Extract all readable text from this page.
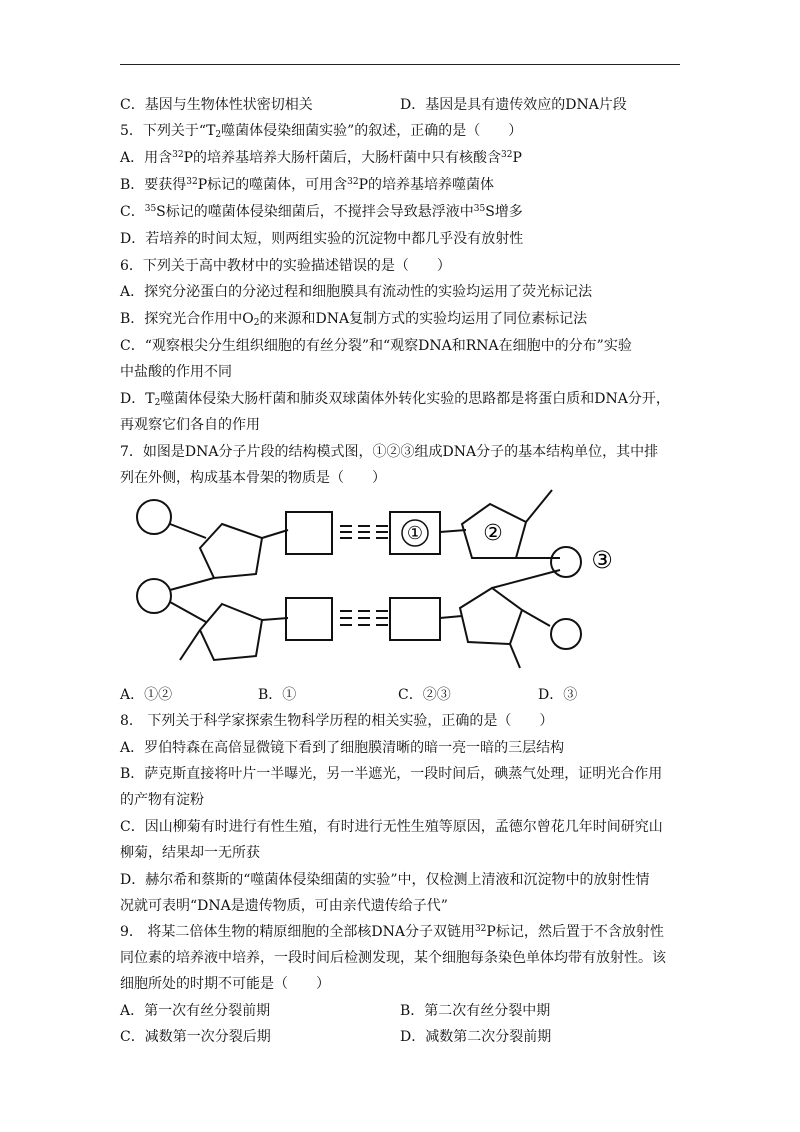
C．基因与生物体性状密切相关	D．基因是具有遗传效应的DNA片段
5．下列关于“$T_2$噬菌体侵染细菌实验”的叙述，正确的是（　　）
A．用含$^{32}$P的培养基培养大肠杆菌后，大肠杆菌中只有核酸含$^{32}$P
B．要获得$^{32}$P标记的噬菌体，可用含$^{32}$P的培养基培养噬菌体
C．$^{35}$S标记的噬菌体侵染细菌后，不搅拌会导致悬浮液中$^{35}$S增多
D．若培养的时间太短，则两组实验的沉淀物中都几乎没有放射性
6．下列关于高中教材中的实验描述错误的是（　　）
A．探究分泌蛋白的分泌过程和细胞膜具有流动性的实验均运用了荧光标记法
B．探究光合作用中$O_2$的来源和DNA复制方式的实验均运用了同位素标记法
C．“观察根尖分生组织细胞的有丝分裂”和“观察DNA和RNA在细胞中的分布”实验
中盐酸的作用不同
D．$T_2$噬菌体侵染大肠杆菌和肺炎双球菌体外转化实验的思路都是将蛋白质和DNA分开，
再观察它们各自的作用
7．如图是DNA分子片段的结构模式图，①②③组成DNA分子的基本结构单位，其中排
列在外侧，构成基本骨架的物质是（　　）
①	②
③
A．①②	B．①	C．②③	D．③
8． 下列关于科学家探索生物科学历程的相关实验，正确的是（　　）
A．罗伯特森在高倍显微镜下看到了细胞膜清晰的暗一亮一暗的三层结构
B．萨克斯直接将叶片一半曝光，另一半遮光，一段时间后，碘蒸气处理，证明光合作用
的产物有淀粉
C．因山柳菊有时进行有性生殖，有时进行无性生殖等原因，孟德尔曾花几年时间研究山
柳菊，结果却一无所获
D．赫尔希和蔡斯的“噬菌体侵染细菌的实验”中，仅检测上清液和沉淀物中的放射性情
况就可表明“DNA是遗传物质，可由亲代遗传给子代”
9． 将某二倍体生物的精原细胞的全部核DNA分子双链用$^{32}$P标记，然后置于不含放射性
同位素的培养液中培养，一段时间后检测发现，某个细胞每条染色单体均带有放射性。该
细胞所处的时期不可能是（　　）
A．第一次有丝分裂前期	B．第二次有丝分裂中期
C．减数第一次分裂后期	D．减数第二次分裂前期
